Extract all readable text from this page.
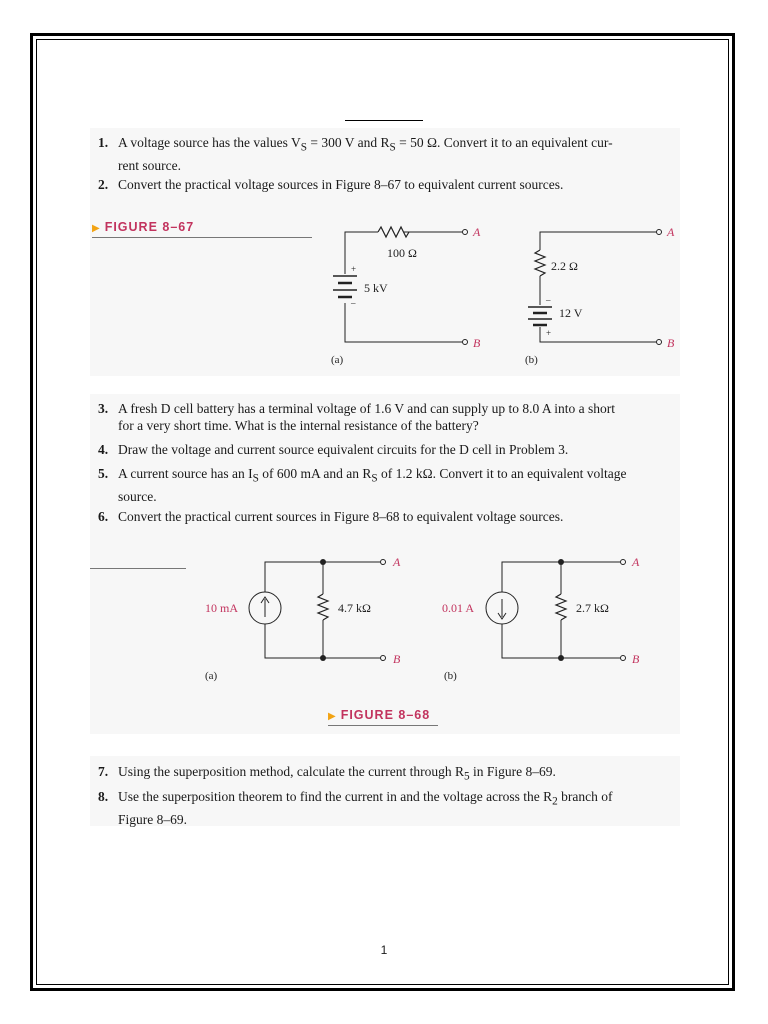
1. A voltage source has the values $V_S = 300$ V and $R_S = 50$ Ω. Convert it to an equivalent cur-
rent source.
2. Convert the practical voltage sources in Figure 8–67 to equivalent current sources.
▶ FIGURE 8–67
100 Ω
5 kV
+
–
A
B
(a)
2.2 Ω
12 V
–
+
A
B
(b)
3. A fresh D cell battery has a terminal voltage of 1.6 V and can supply up to 8.0 A into a short
for a very short time. What is the internal resistance of the battery?
4. Draw the voltage and current source equivalent circuits for the D cell in Problem 3.
5. A current source has an $I_S$ of 600 mA and an $R_S$ of 1.2 kΩ. Convert it to an equivalent voltage
source.
6. Convert the practical current sources in Figure 8–68 to equivalent voltage sources.
10 mA	4.7 kΩ
A
B
(a)
0.01 A	2.7 kΩ
A
B
(b)
▶ FIGURE 8–68
7. Using the superposition method, calculate the current through $R_5$ in Figure 8–69.
8. Use the superposition theorem to find the current in and the voltage across the $R_2$ branch of
Figure 8–69.
1
